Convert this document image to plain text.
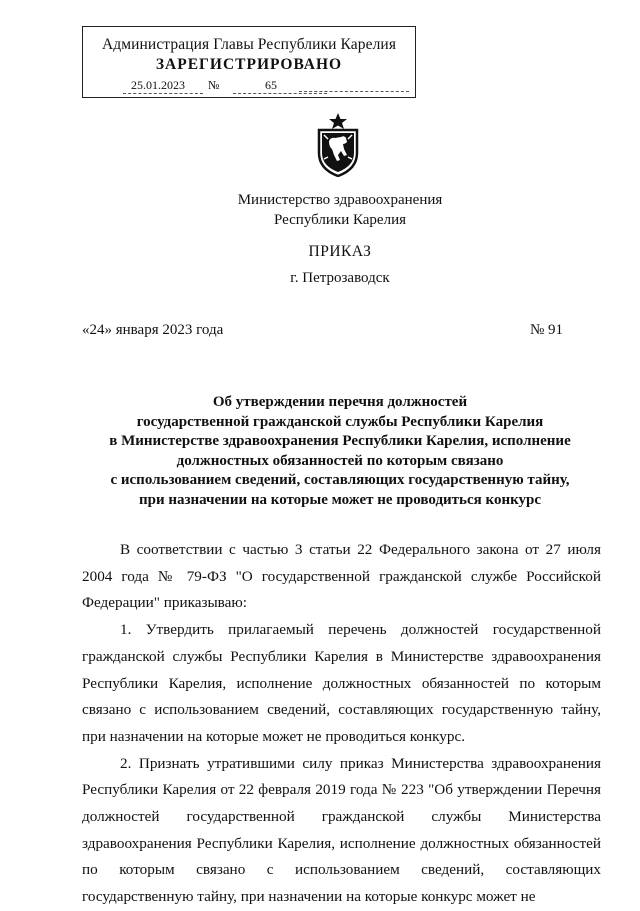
Администрация Главы Республики Карелия
ЗАРЕГИСТРИРОВАНО
25.01.2023	№	65
Министерство здравоохранения
Республики Карелия
ПРИКАЗ
г. Петрозаводск
«24» января 2023 года	№ 91
Об утверждении перечня должностей
государственной гражданской службы Республики Карелия
в Министерстве здравоохранения Республики Карелия, исполнение
должностных обязанностей по которым связано
с использованием сведений, составляющих государственную тайну,
при назначении на которые может не проводиться конкурс

В соответствии с частью 3 статьи 22 Федерального закона от 27 июля 2004 года № 79-ФЗ "О государственной гражданской службе Российской Федерации" приказываю:

1. Утвердить прилагаемый перечень должностей государственной гражданской службы Республики Карелия в Министерстве здравоохранения Республики Карелия, исполнение должностных обязанностей по которым связано с использованием сведений, составляющих государственную тайну, при назначении на которые может не проводиться конкурс.

2. Признать утратившими силу приказ Министерства здравоохранения Республики Карелия от 22 февраля 2019 года № 223 "Об утверждении Перечня должностей государственной гражданской службы Министерства здравоохранения Республики Карелия, исполнение должностных обязанностей по которым связано с использованием сведений, составляющих государственную тайну, при назначении на которые конкурс может не
